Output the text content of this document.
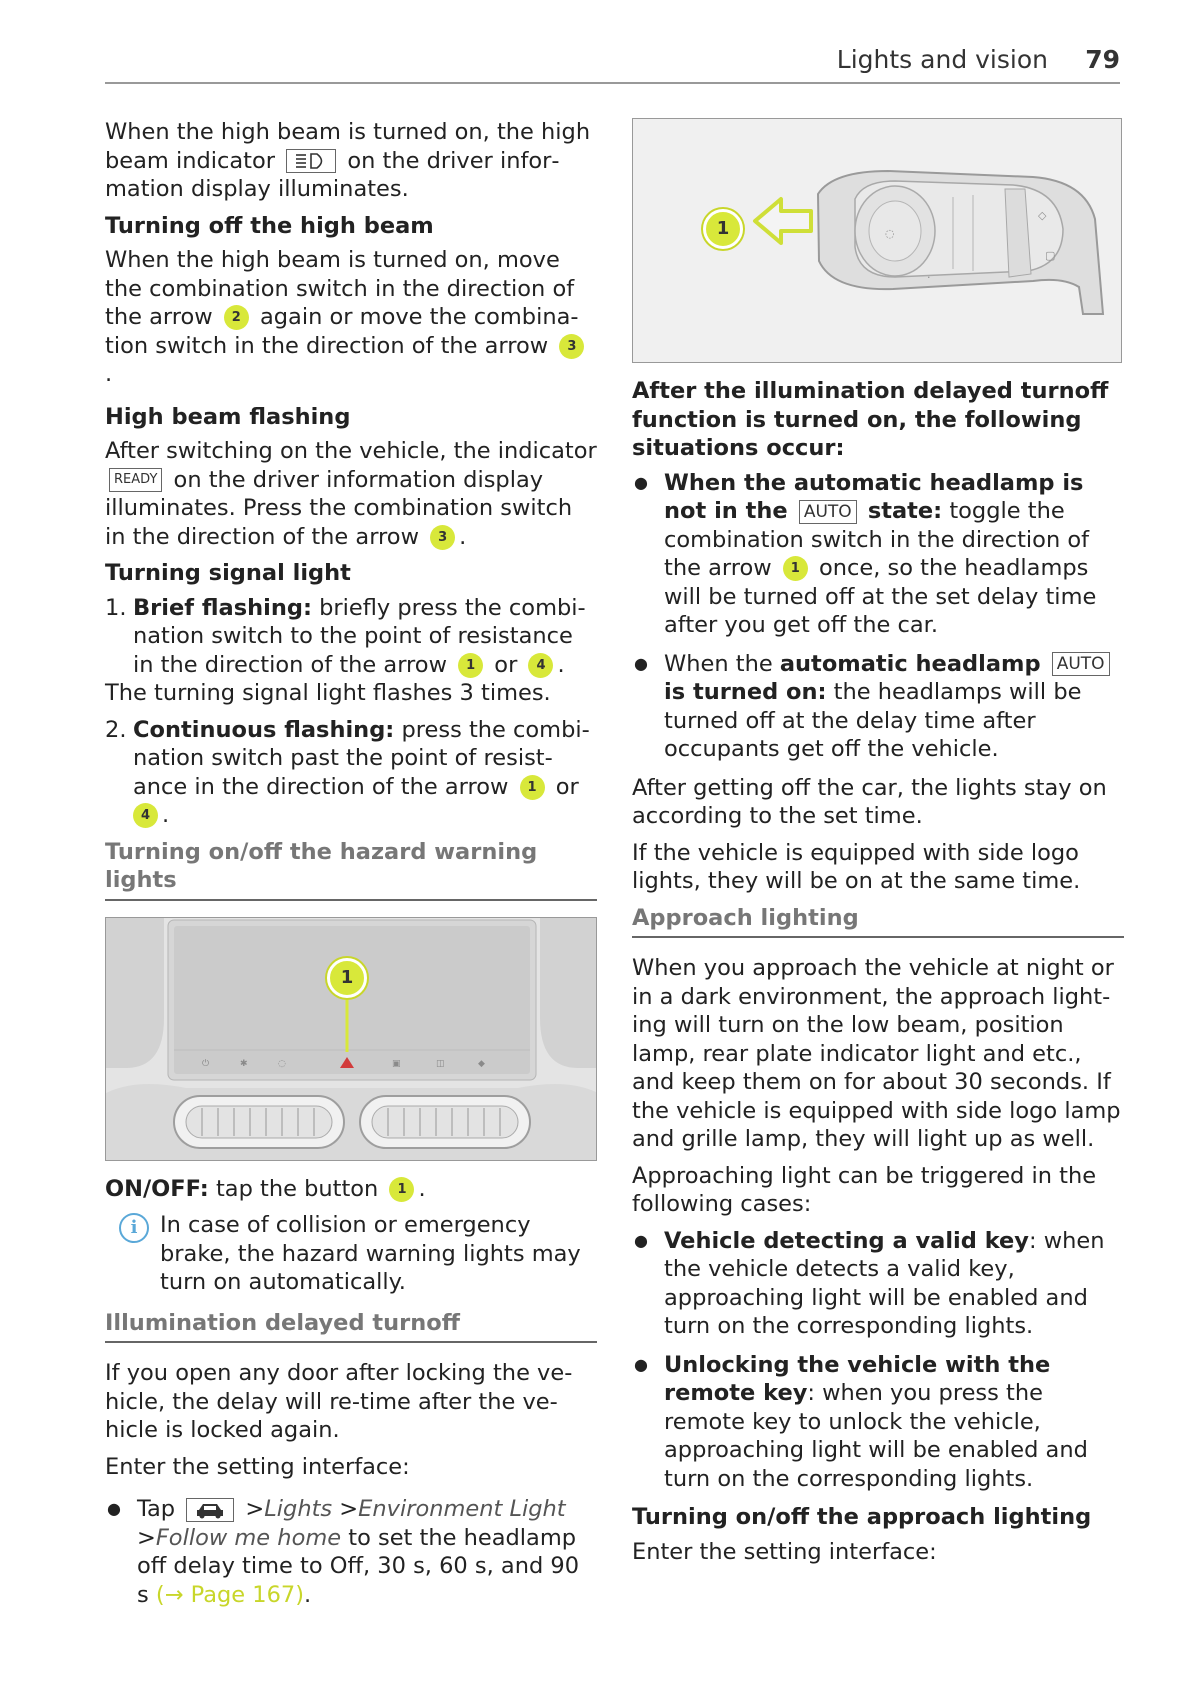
Lights and vision 79

When the high beam is turned on, the high beam indicator	on the driver information display illuminates.

Turning off the high beam

When the high beam is turned on, move the combination switch in the direction of the arrow 2 again or move the combination switch in the direction of the arrow 3
.

High beam flashing

After switching on the vehicle, the indicator READY on the driver information display illuminates. Press the combination switch in the direction of the arrow 3 .

Turning signal light
1. Brief flashing: briefly press the combination switch to the point of resistance in the direction of the arrow 1 or 4 .

The turning signal light flashes 3 times.

2. Continuous flashing: press the combination switch past the point of resistance in the direction of the arrow 1 or
4 .
Turning on/off the hazard warning lights
⏻	✱	◌	▣	◫	◆
1

ON/OFF: tap the button 1 .

i	In case of collision or emergency brake, the hazard warning lights may turn on automatically.
Illumination delayed turnoff

If you open any door after locking the vehicle, the delay will re-time after the vehicle is locked again.

Enter the setting interface:

● Tap	>Lights >Environment Light >Follow me home to set the headlamp off delay time to Off, 30 s, 60 s, and 90 s (→ Page 167).
◌
◇
▢
·
1

After the illumination delayed turnoff function is turned on, the following situations occur:

● When the automatic headlamp is not in the AUTO state: toggle the combination switch in the direction of the arrow 1 once, so the headlamps will be turned off at the set delay time after you get off the car.
● When the automatic headlamp AUTO is turned on: the headlamps will be turned off at the delay time after occupants get off the vehicle.

After getting off the car, the lights stay on according to the set time.

If the vehicle is equipped with side logo lights, they will be on at the same time.

Approach lighting

When you approach the vehicle at night or in a dark environment, the approach lighting will turn on the low beam, position lamp, rear plate indicator light and etc., and keep them on for about 30 seconds. If the vehicle is equipped with side logo lamp and grille lamp, they will light up as well.

Approaching light can be triggered in the following cases:

● Vehicle detecting a valid key: when the vehicle detects a valid key, approaching light will be enabled and turn on the corresponding lights.
● Unlocking the vehicle with the remote key: when you press the remote key to unlock the vehicle, approaching light will be enabled and turn on the corresponding lights.
Turning on/off the approach lighting

Enter the setting interface:
